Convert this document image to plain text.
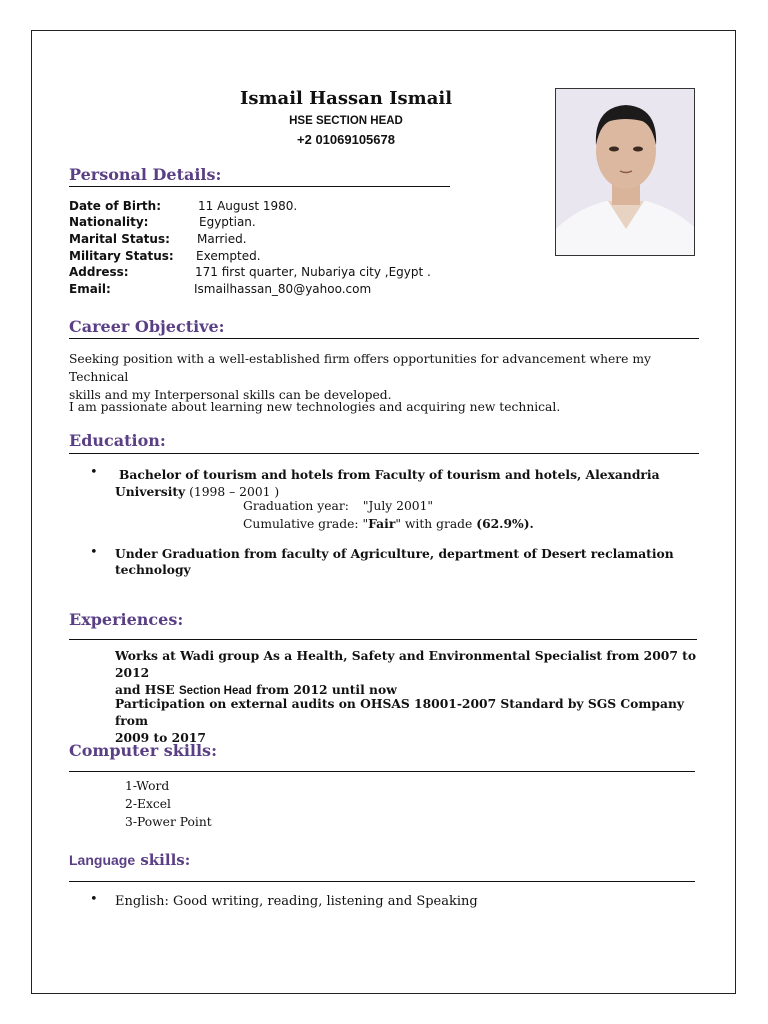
Ismail Hassan Ismail
HSE SECTION HEAD
+2 01069105678
Personal Details:
Date of Birth:	11 August 1980.
Nationality:	Egyptian.
Marital Status: Married.
Military Status: Exempted.
Address:	171 first quarter, Nubariya city ,Egypt .
Email:	Ismailhassan_80@yahoo.com
Career Objective:
Seeking position with a well-established firm offers opportunities for advancement where my Technical
skills and my Interpersonal skills can be developed.
I am passionate about learning new technologies and acquiring new technical.
Education:
•	Bachelor of tourism and hotels from Faculty of tourism and hotels, Alexandria
University (1998 – 2001 )
Graduation year: "July 2001"
Cumulative grade: "Fair" with grade (62.9%).
• Under Graduation from faculty of Agriculture, department of Desert reclamation
technology
Experiences:
Works at Wadi group As a Health, Safety and Environmental Specialist from 2007 to 2012
and HSE Section Head from 2012 until now
Participation on external audits on OHSAS 18001-2007 Standard by SGS Company from
2009 to 2017
Computer skills:
1-Word
2-Excel
3-Power Point
Language skills:
• English: Good writing, reading, listening and Speaking
